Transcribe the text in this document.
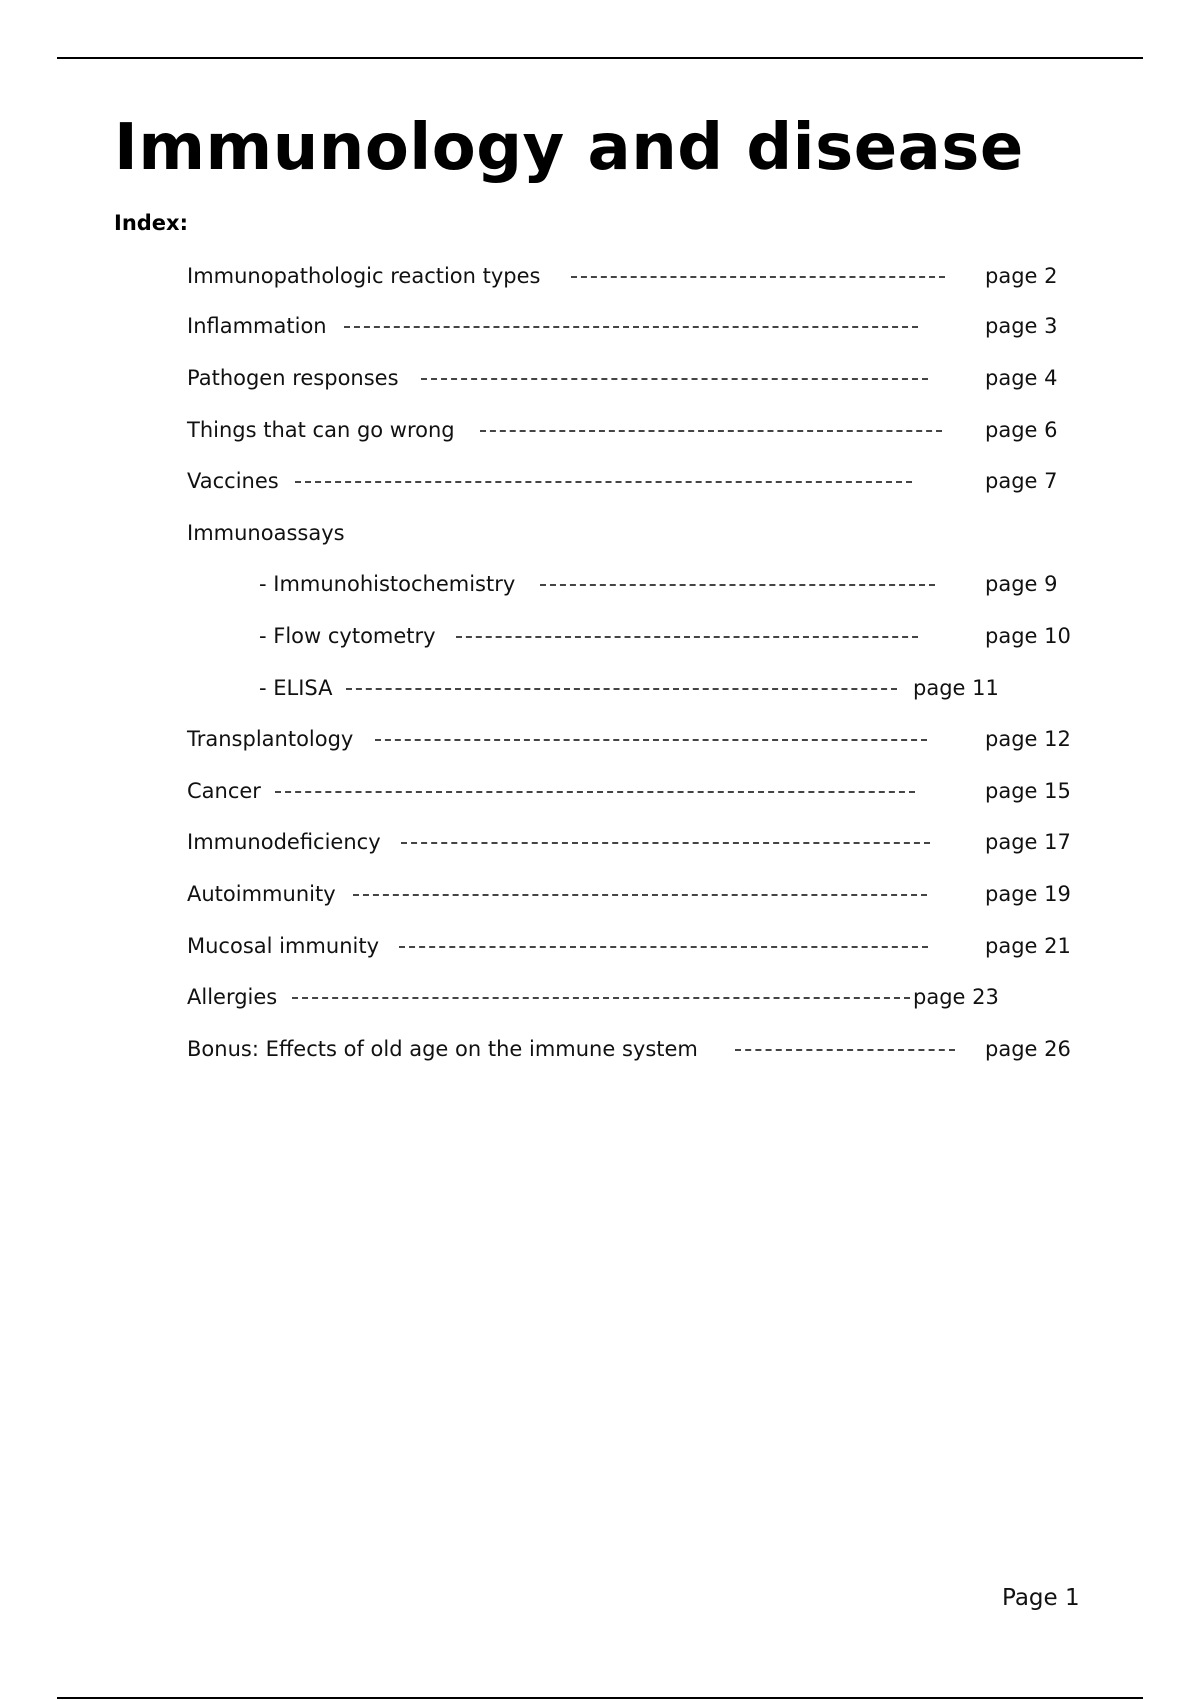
Immunology and disease
Index:
Immunopathologic reaction types	page 2
Inflammation	page 3
Pathogen responses	page 4
Things that can go wrong	page 6
Vaccines	page 7
Immunoassays
- Immunohistochemistry	page 9
- Flow cytometry	page 10
- ELISA	page 11
Transplantology	page 12
Cancer	page 15
Immunodeficiency	page 17
Autoimmunity	page 19
Mucosal immunity	page 21
Allergies	page 23
Bonus: Effects of old age on the immune system	page 26
Page 1
